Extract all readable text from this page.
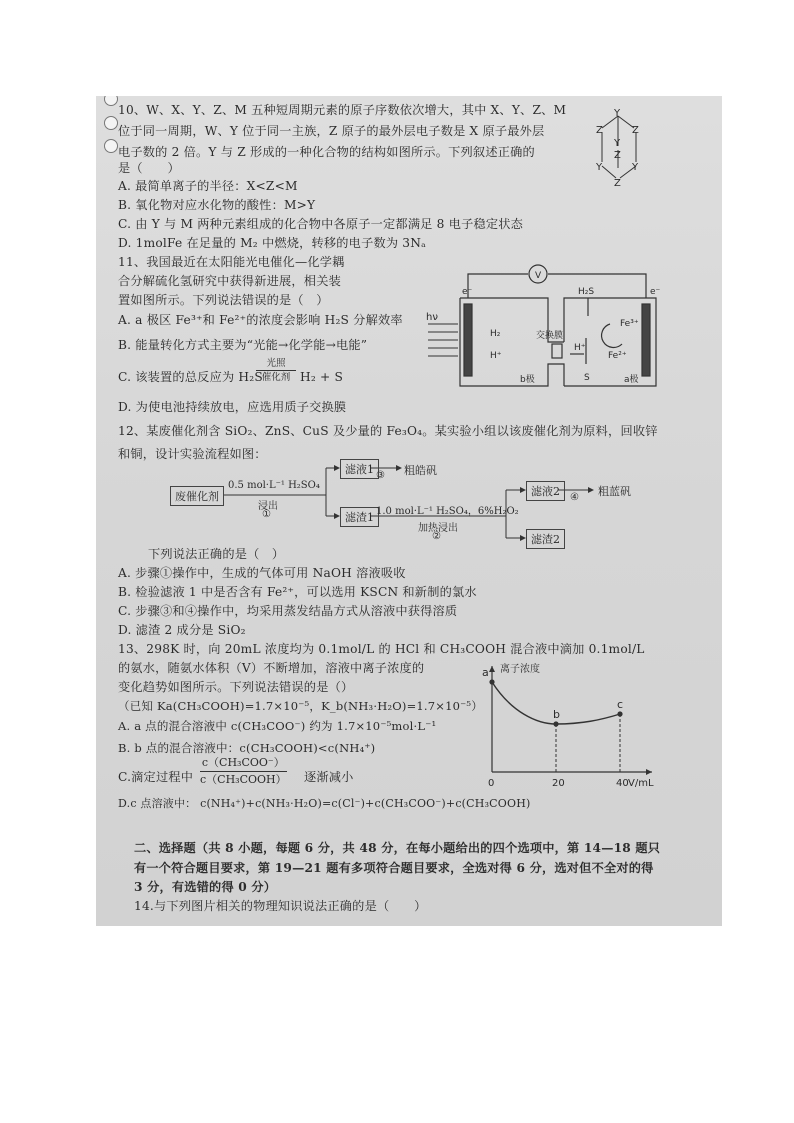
10、W、X、Y、Z、M 五种短周期元素的原子序数依次增大，其中 X、Y、Z、M
位于同一周期，W、Y 位于同一主族，Z 原子的最外层电子数是 X 原子最外层
电子数的 2 倍。Y 与 Z 形成的一种化合物的结构如图所示。下列叙述正确的
是（　　）
A. 最简单离子的半径：X<Z<M
B. 氧化物对应水化物的酸性：M>Y
C. 由 Y 与 M 两种元素组成的化合物中各原子一定都满足 8 电子稳定状态
D. 1molFe 在足量的 M₂ 中燃烧，转移的电子数为 3Nₐ
Y
Z	Z
Y
Z
Y	Y
Z
11、我国最近在太阳能光电催化—化学耦
合分解硫化氢研究中获得新进展，相关装
置如图所示。下列说法错误的是（　）
A. a 极区 Fe³⁺和 Fe²⁺的浓度会影响 H₂S 分解效率
B. 能量转化方式主要为“光能→化学能→电能”
C. 该装置的总反应为 H₂S
光照
催化剂 H₂ + S
D. 为使电池持续放电，应选用质子交换膜
V
e⁻	e⁻
hν
H₂
H⁺
交换膜
H⁺
H₂S
Fe³⁺
Fe²⁺
S
b极	a极
12、某废催化剂含 SiO₂、ZnS、CuS 及少量的 Fe₃O₄。某实验小组以该废催化剂为原料，回收锌
和铜，设计实验流程如图：
废催化剂
0.5 mol·L⁻¹ H₂SO₄
浸出
①
滤液1 ③ 粗皓矾
滤渣1 1.0 mol·L⁻¹ H₂SO₄，6%H₂O₂
加热浸出
②
滤液2	④ 粗蓝矾
滤渣2
下列说法正确的是（　）
A. 步骤①操作中，生成的气体可用 NaOH 溶液吸收
B. 检验滤液 1 中是否含有 Fe²⁺，可以选用 KSCN 和新制的氯水
C. 步骤③和④操作中，均采用蒸发结晶方式从溶液中获得溶质
D. 滤渣 2 成分是 SiO₂
13、298K 时，向 20mL 浓度均为 0.1mol/L 的 HCl 和 CH₃COOH 混合液中滴加 0.1mol/L
的氨水，随氨水体积（V）不断增加，溶液中离子浓度的
变化趋势如图所示。下列说法错误的是（）
（已知 Ka(CH₃COOH)=1.7×10⁻⁵，K_b(NH₃·H₂O)=1.7×10⁻⁵）
A. a 点的混合溶液中 c(CH₃COO⁻) 约为 1.7×10⁻⁵mol·L⁻¹
B. b 点的混合溶液中：c(CH₃COOH)<c(NH₄⁺)
C.滴定过程中
c（CH₃COO⁻）
c（CH₃COOH） 逐渐减小
D.c 点溶液中： c(NH₄⁺)+c(NH₃·H₂O)=c(Cl⁻)+c(CH₃COO⁻)+c(CH₃COOH)
离子浓度
V/mL
0	20	40
a
b
c
二、选择题（共 8 小题，每题 6 分，共 48 分，在每小题给出的四个选项中，第 14—18 题只
有一个符合题目要求，第 19—21 题有多项符合题目要求，全选对得 6 分，选对但不全对的得
3 分，有选错的得 0 分）
14.与下列图片相关的物理知识说法正确的是（　　）
